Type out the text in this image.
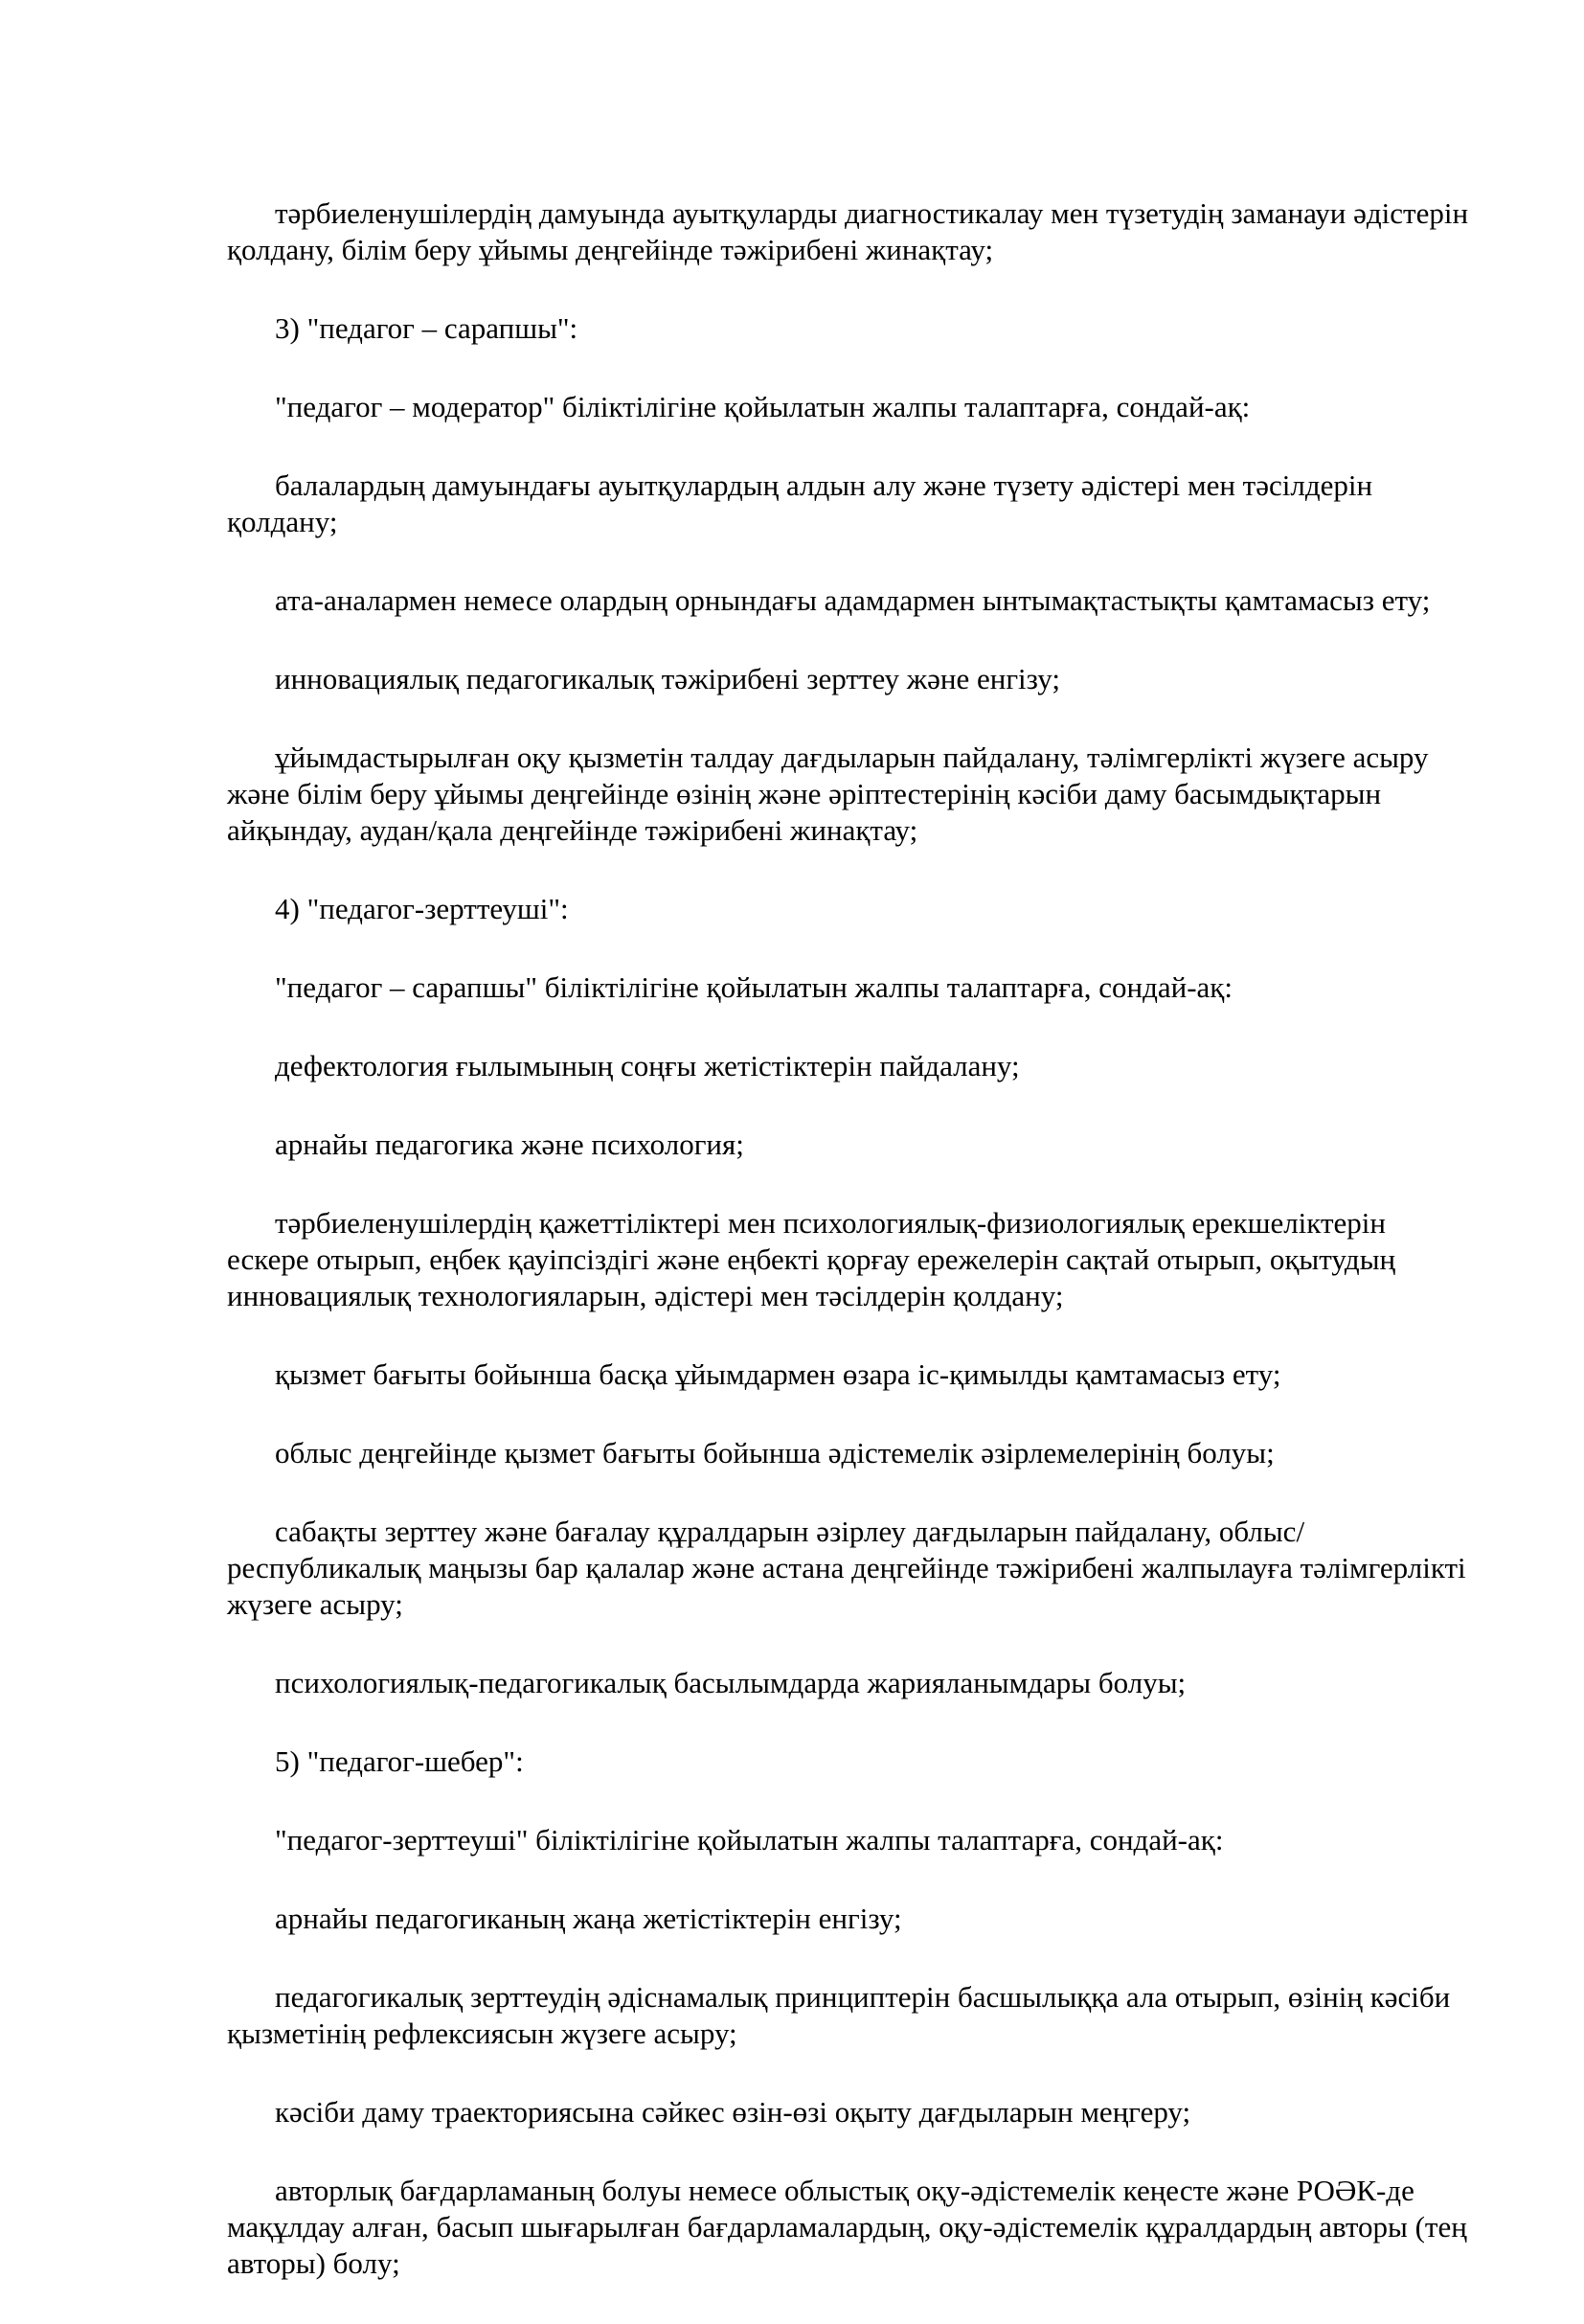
тәрбиеленушілердің дамуында ауытқуларды диагностикалау мен түзетудің заманауи әдістерін қолдану, білім беру ұйымы деңгейінде тәжірибені жинақтау;

3) "педагог – сарапшы":

"педагог – модератор" біліктілігіне қойылатын жалпы талаптарға, сондай-ақ:

балалардың дамуындағы ауытқулардың алдын алу және түзету әдістері мен тәсілдерін қолдану;

ата-аналармен немесе олардың орнындағы адамдармен ынтымақтастықты қамтамасыз ету;

инновациялық педагогикалық тәжірибені зерттеу және енгізу;

ұйымдастырылған оқу қызметін талдау дағдыларын пайдалану, тәлімгерлікті жүзеге асыру және білім беру ұйымы деңгейінде өзінің және әріптестерінің кәсіби даму басымдықтарын айқындау, аудан/қала деңгейінде тәжірибені жинақтау;

4) "педагог-зерттеуші":

"педагог – сарапшы" біліктілігіне қойылатын жалпы талаптарға, сондай-ақ:

дефектология ғылымының соңғы жетістіктерін пайдалану;

арнайы педагогика және психология;

тәрбиеленушілердің қажеттіліктері мен психологиялық-физиологиялық ерекшеліктерін ескере отырып, еңбек қауіпсіздігі және еңбекті қорғау ережелерін сақтай отырып, оқытудың инновациялық технологияларын, әдістері мен тәсілдерін қолдану;

қызмет бағыты бойынша басқа ұйымдармен өзара іс-қимылды қамтамасыз ету;

облыс деңгейінде қызмет бағыты бойынша әдістемелік әзірлемелерінің болуы;

сабақты зерттеу және бағалау құралдарын әзірлеу дағдыларын пайдалану, облыс/республикалық маңызы бар қалалар және астана деңгейінде тәжірибені жалпылауға тәлімгерлікті жүзеге асыру;

психологиялық-педагогикалық басылымдарда жарияланымдары болуы;

5) "педагог-шебер":

"педагог-зерттеуші" біліктілігіне қойылатын жалпы талаптарға, сондай-ақ:

арнайы педагогиканың жаңа жетістіктерін енгізу;

педагогикалық зерттеудің әдіснамалық принциптерін басшылыққа ала отырып, өзінің кәсіби қызметінің рефлексиясын жүзеге асыру;

кәсіби даму траекториясына сәйкес өзін-өзі оқыту дағдыларын меңгеру;

авторлық бағдарламаның болуы немесе облыстық оқу-әдістемелік кеңесте және РОӘК-де мақұлдау алған, басып шығарылған бағдарламалардың, оқу-әдістемелік құралдардың авторы (тең авторы) болу;
